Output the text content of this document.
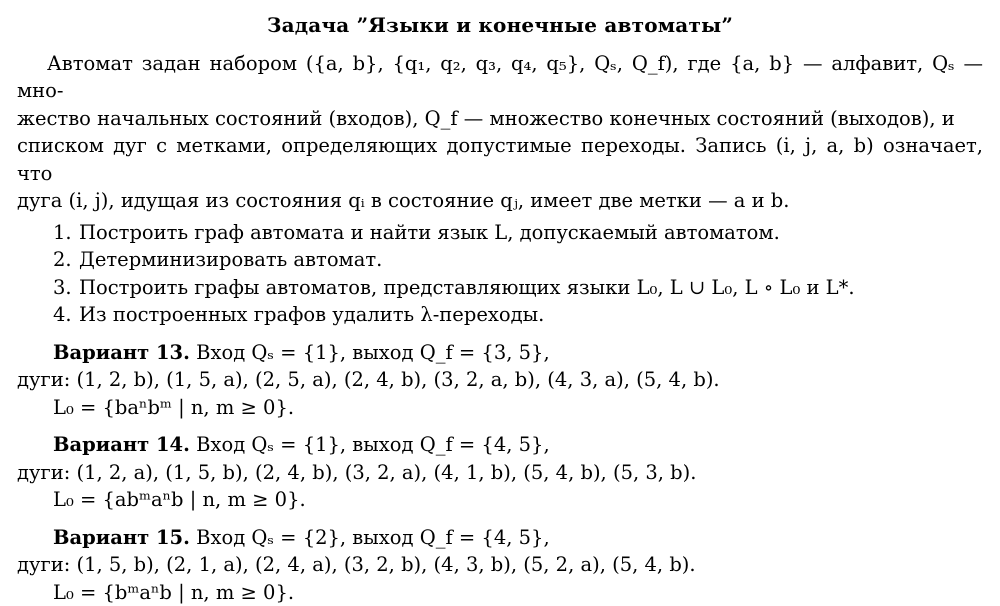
Задача ”Языки и конечные автоматы”

Автомат задан набором ({a, b}, {q₁, q₂, q₃, q₄, q₅}, Qₛ, Q_f), где {a, b} — алфавит, Qₛ — мно-

жество начальных состояний (входов), Q_f — множество конечных состояний (выходов), и

списком дуг с метками, определяющих допустимые переходы. Запись (i, j, a, b) означает, что

дуга (i, j), идущая из состояния qᵢ в состояние qⱼ, имеет две метки — a и b.

1. Построить граф автомата и найти язык L, допускаемый автоматом.
2. Детерминизировать автомат.
3. Построить графы автоматов, представляющих языки L₀, L ∪ L₀, L ∘ L₀ и L*.
4. Из построенных графов удалить λ-переходы.

Вариант 13. Вход Qₛ = {1}, выход Q_f = {3, 5},

дуги: (1, 2, b), (1, 5, a), (2, 5, a), (2, 4, b), (3, 2, a, b), (4, 3, a), (5, 4, b).

L₀ = {baⁿbᵐ | n, m ≥ 0}.

Вариант 14. Вход Qₛ = {1}, выход Q_f = {4, 5},

дуги: (1, 2, a), (1, 5, b), (2, 4, b), (3, 2, a), (4, 1, b), (5, 4, b), (5, 3, b).

L₀ = {abᵐaⁿb | n, m ≥ 0}.

Вариант 15. Вход Qₛ = {2}, выход Q_f = {4, 5},

дуги: (1, 5, b), (2, 1, a), (2, 4, a), (3, 2, b), (4, 3, b), (5, 2, a), (5, 4, b).

L₀ = {bᵐaⁿb | n, m ≥ 0}.
